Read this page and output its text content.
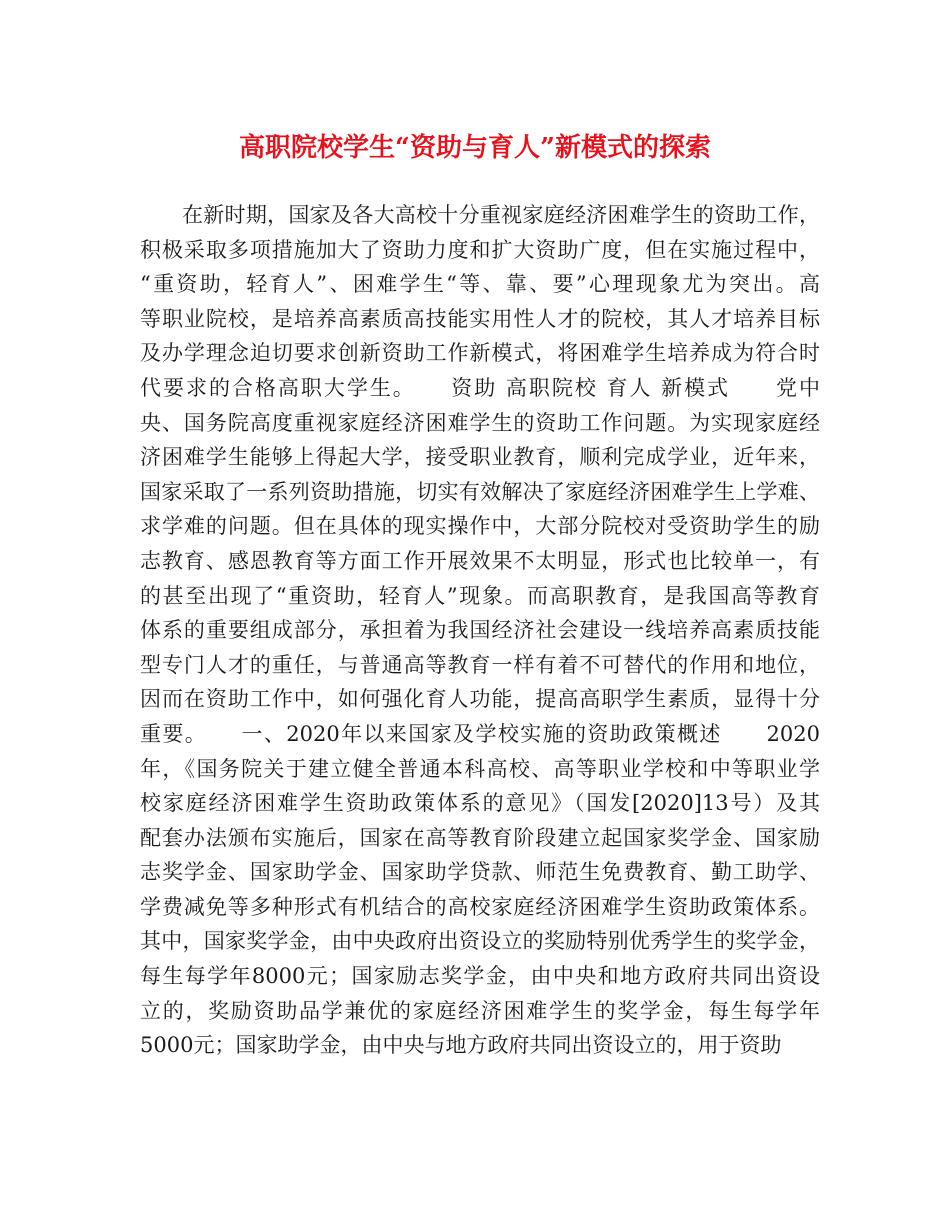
高职院校学生“资助与育人”新模式的探索
在新时期，国家及各大高校十分重视家庭经济困难学生的资助工作，
积极采取多项措施加大了资助力度和扩大资助广度，但在实施过程中，
“重资助，轻育人”、困难学生“等、靠、要”心理现象尤为突出。高
等职业院校，是培养高素质高技能实用性人才的院校，其人才培养目标
及办学理念迫切要求创新资助工作新模式，将困难学生培养成为符合时
代要求的合格高职大学生。　　资助 高职院校 育人 新模式　　党中
央、国务院高度重视家庭经济困难学生的资助工作问题。为实现家庭经
济困难学生能够上得起大学，接受职业教育，顺利完成学业，近年来，
国家采取了一系列资助措施，切实有效解决了家庭经济困难学生上学难、
求学难的问题。但在具体的现实操作中，大部分院校对受资助学生的励
志教育、感恩教育等方面工作开展效果不太明显，形式也比较单一，有
的甚至出现了“重资助，轻育人”现象。而高职教育，是我国高等教育
体系的重要组成部分，承担着为我国经济社会建设一线培养高素质技能
型专门人才的重任，与普通高等教育一样有着不可替代的作用和地位，
因而在资助工作中，如何强化育人功能，提高高职学生素质，显得十分
重要。　　一、2020年以来国家及学校实施的资助政策概述　　2020
年，《国务院关于建立健全普通本科高校、高等职业学校和中等职业学
校家庭经济困难学生资助政策体系的意见》（国发[2020]13号）及其
配套办法颁布实施后，国家在高等教育阶段建立起国家奖学金、国家励
志奖学金、国家助学金、国家助学贷款、师范生免费教育、勤工助学、
学费减免等多种形式有机结合的高校家庭经济困难学生资助政策体系。
其中，国家奖学金，由中央政府出资设立的奖励特别优秀学生的奖学金，
每生每学年8000元；国家励志奖学金，由中央和地方政府共同出资设
立的，奖励资助品学兼优的家庭经济困难学生的奖学金，每生每学年
5000元；国家助学金，由中央与地方政府共同出资设立的，用于资助
